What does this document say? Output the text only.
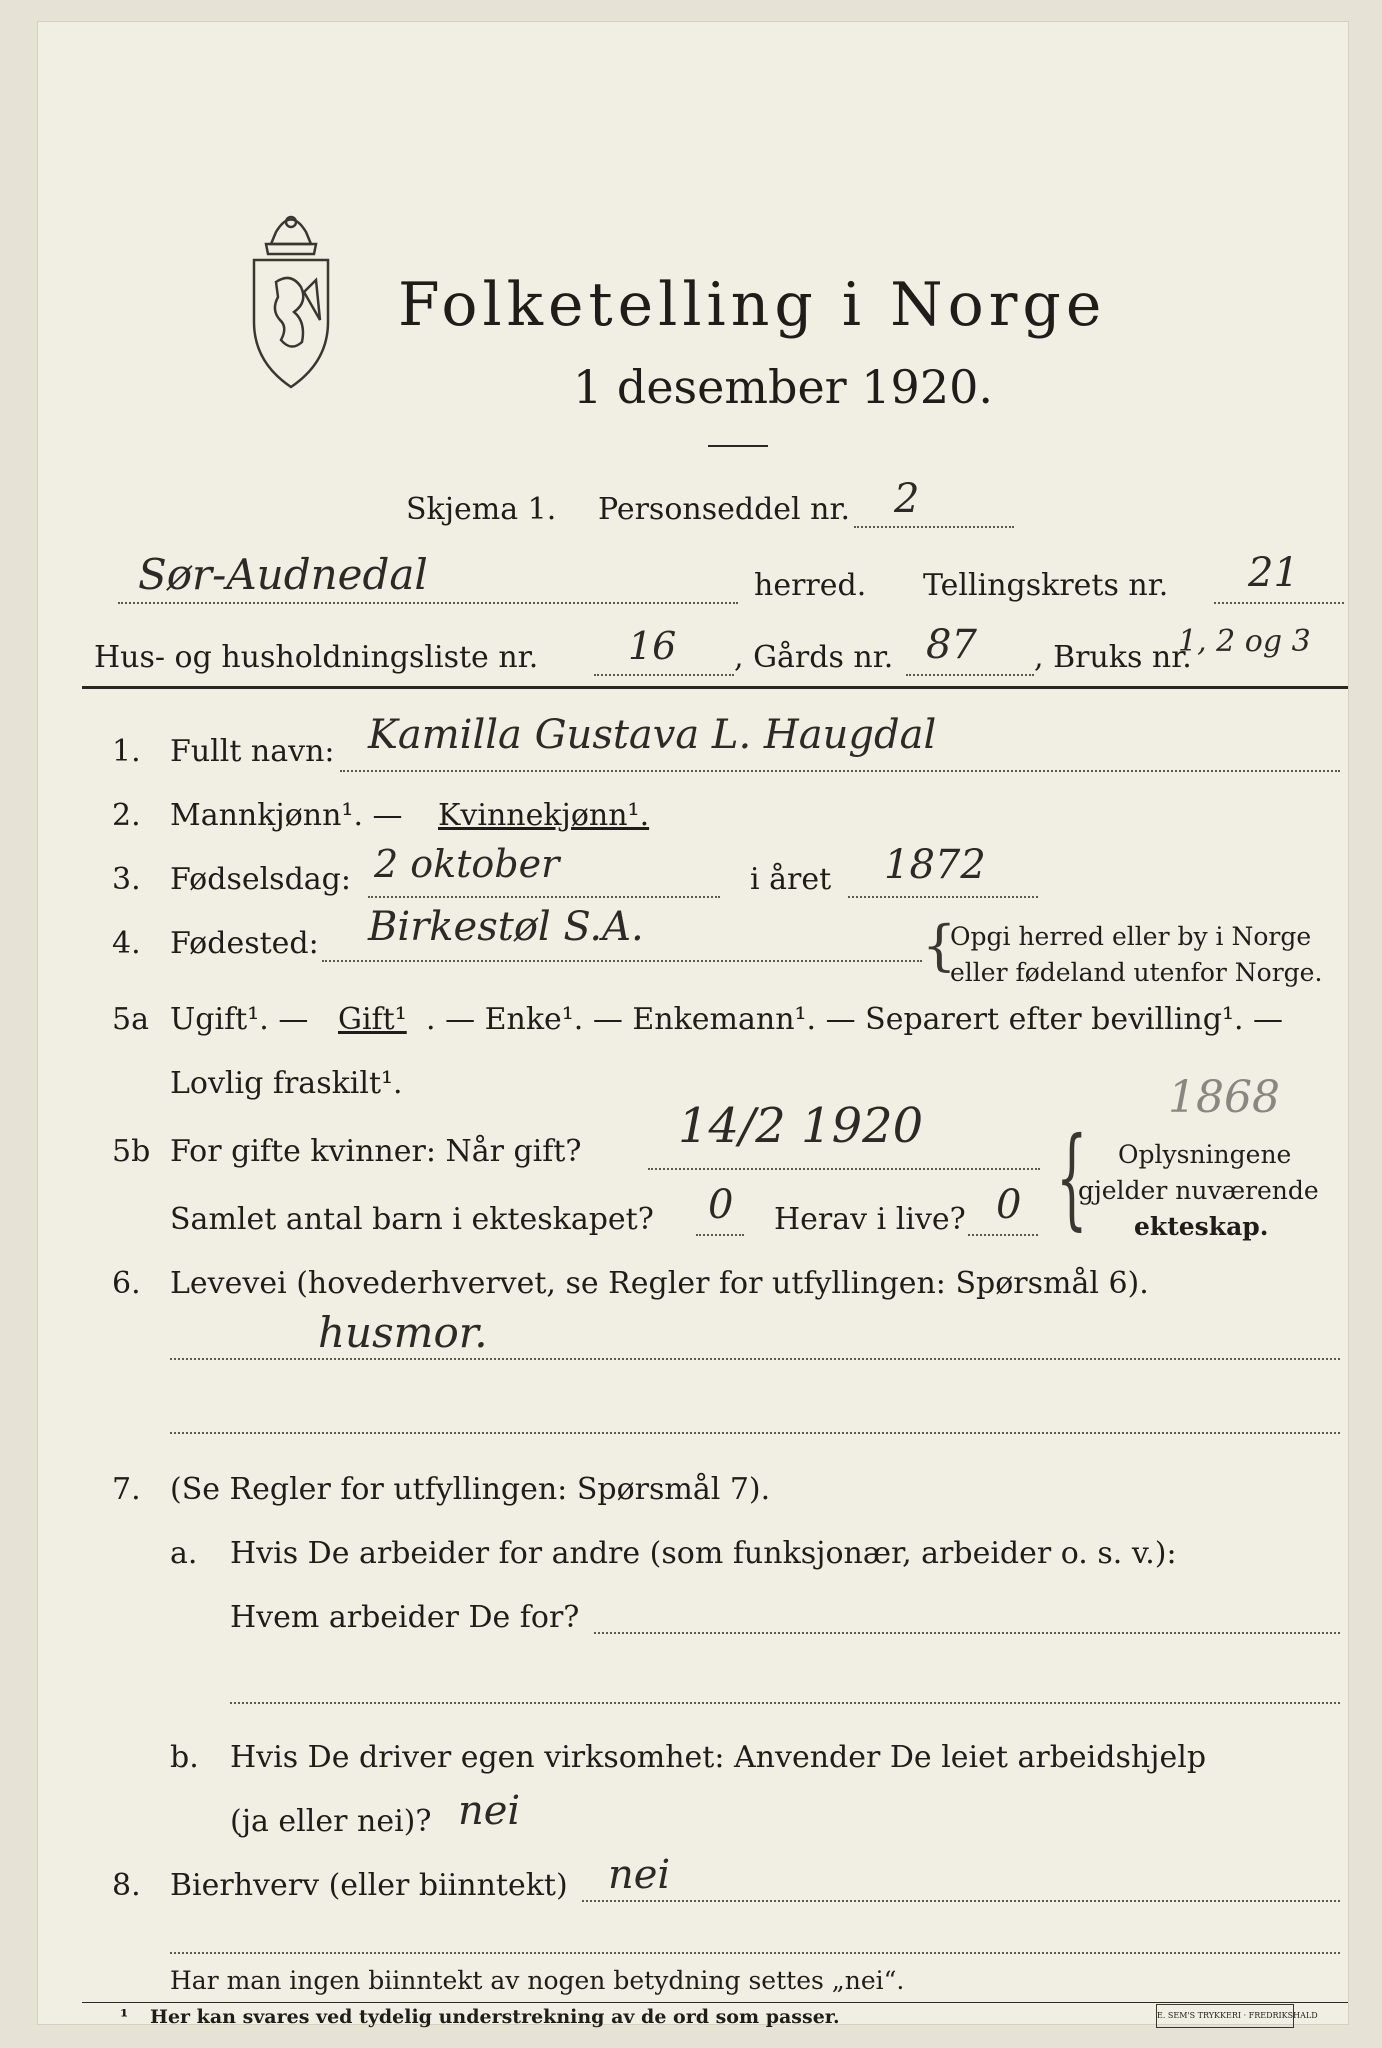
Folketelling i Norge
1 desember 1920.
Skjema 1. Personseddel nr. 2
Sør-Audnedal	herred. Tellingskrets nr. 21
Hus- og husholdningsliste nr. 16 , Gårds nr. 87 , Bruks nr.
1, 2 og 3
1. Fullt navn: Kamilla Gustava L. Haugdal
2. Mannkjønn¹. — Kvinnekjønn¹.
3. Fødselsdag: 2 oktober	i året 1872
4. Fødested: Birkestøl S.A.	{
Opgi herred eller by i Norge
eller fødeland utenfor Norge.
5a Ugift¹. — Gift¹ . — Enke¹. — Enkemann¹. — Separert efter bevilling¹. —
Lovlig fraskilt¹.
5b For gifte kvinner: Når gift? 14/2 1920
1868
Samlet antal barn i ekteskapet? 0 Herav i live? 0 { Oplysningene
gjelder nuværende
ekteskap.
6. Levevei (hovederhvervet, se Regler for utfyllingen: Spørsmål 6).
husmor.
7. (Se Regler for utfyllingen: Spørsmål 7).
a. Hvis De arbeider for andre (som funksjonær, arbeider o. s. v.):
Hvem arbeider De for?
b. Hvis De driver egen virksomhet: Anvender De leiet arbeidshjelp
(ja eller nei)? nei
8. Bierhverv (eller biinntekt) nei
Har man ingen biinntekt av nogen betydning settes „nei“.
¹ Her kan svares ved tydelig understrekning av de ord som passer.	E. SEM'S TRYKKERI · FREDRIKSHALD
